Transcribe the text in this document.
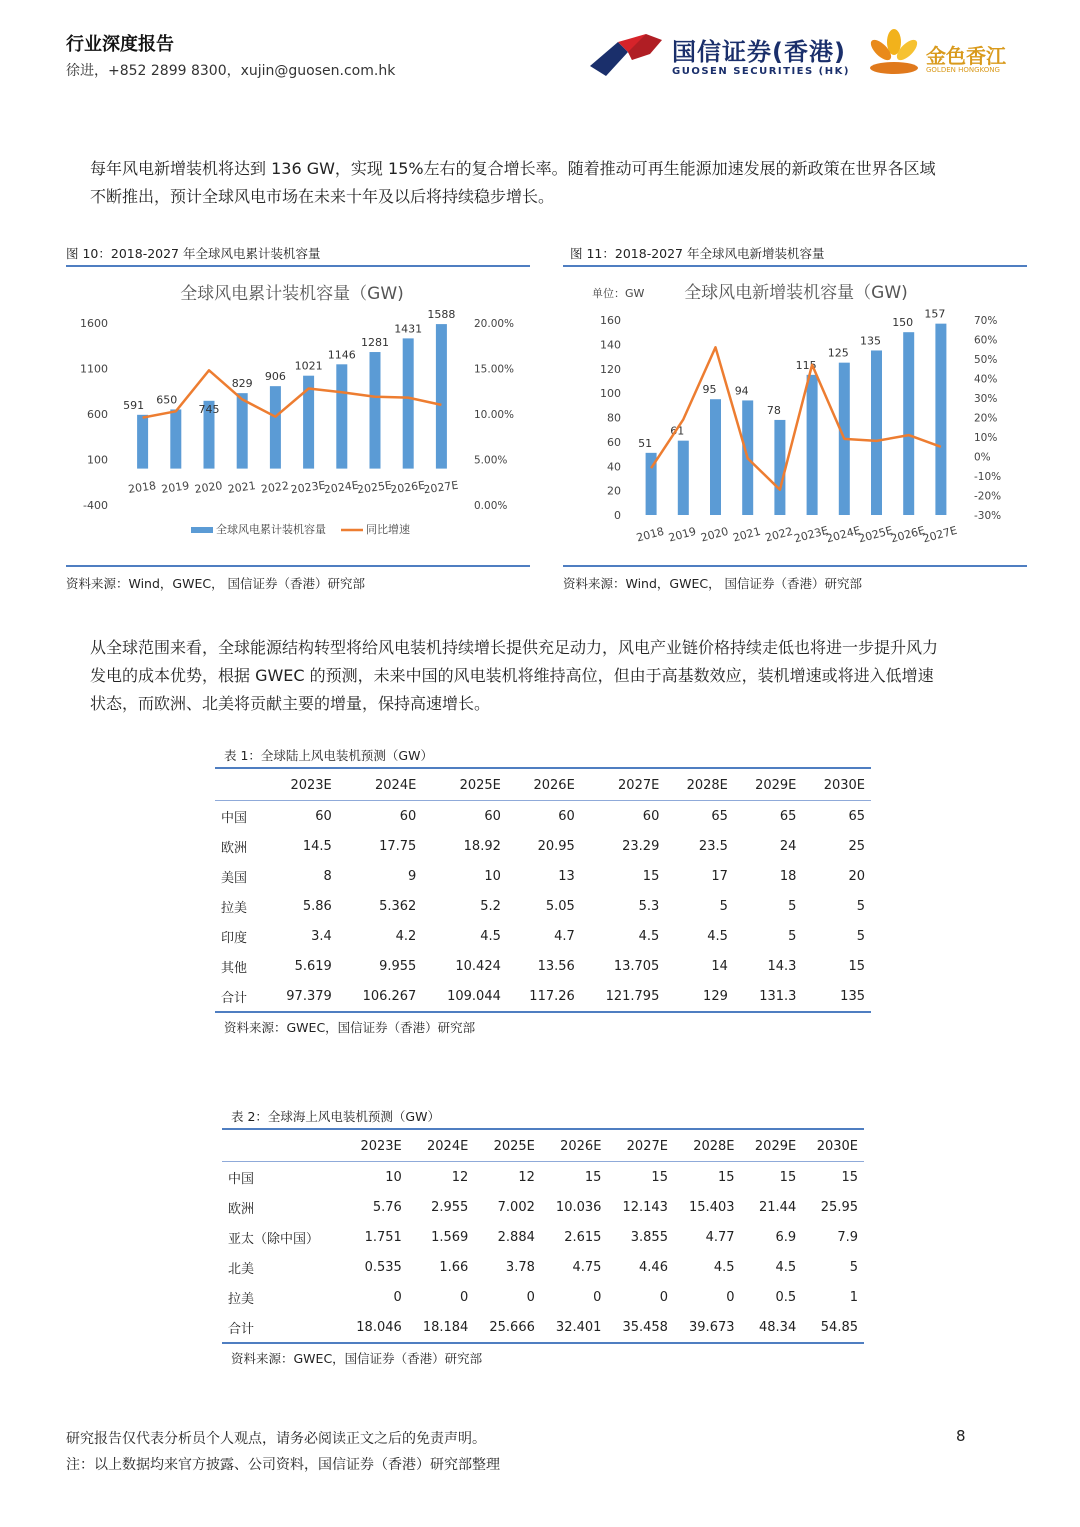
行业深度报告
徐进，+852 2899 8300，xujin@guosen.com.hk
国信证券(香港)
GUOSEN SECURITIES (HK)
金色香江
GOLDEN HONGKONG
每年风电新增装机将达到 136 GW，实现 15%左右的复合增长率。随着推动可再生能源加速发展的新政策在世界各区域不断推出，预计全球风电市场在未来十年及以后将持续稳步增长。
图 10：2018-2027 年全球风电累计装机容量
全球风电累计装机容量（GW)
1600
1100
600
100
-400
20.00%
15.00%
10.00%
5.00%
0.00%
591 650
745
829
906
1021
1146
1281
1431
1588
2018 2019 2020 2021 2022 2023E
2024E
2025E
2026E
2027E
全球风电累计装机容量	同比增速
资料来源：Wind，GWEC， 国信证券（香港）研究部
图 11：2018-2027 年全球风电新增装机容量
全球风电新增装机容量（GW)
单位：GW
160
140
120
100
80
60
40
20
0
70%
60%
50%
40%
30%
20%
10%
0%
-10%
-20%
-30%
51
61
95 94
78
115
125
135
150
157
2018 2019 2020 2021 2022
2023E
2024E
2025E
2026E
2027E
资料来源：Wind，GWEC， 国信证券（香港）研究部
从全球范围来看，全球能源结构转型将给风电装机持续增长提供充足动力，风电产业链价格持续走低也将进一步提升风力发电的成本优势，根据 GWEC 的预测，未来中国的风电装机将维持高位，但由于高基数效应，装机增速或将进入低增速状态，而欧洲、北美将贡献主要的增量，保持高速增长。
表 1：全球陆上风电装机预测（GW）
	2023E	2024E	2025E	2026E	2027E	2028E	2029E	2030E
中国	60	60	60	60	60	65	65	65
欧洲	14.5	17.75	18.92	20.95	23.29	23.5	24	25
美国	8	9	10	13	15	17	18	20
拉美	5.86	5.362	5.2	5.05	5.3	5	5	5
印度	3.4	4.2	4.5	4.7	4.5	4.5	5	5
其他	5.619	9.955	10.424	13.56	13.705	14	14.3	15
合计	97.379	106.267	109.044	117.26	121.795	129	131.3	135
资料来源：GWEC，国信证券（香港）研究部
表 2：全球海上风电装机预测（GW）
	2023E	2024E	2025E	2026E	2027E	2028E	2029E	2030E
中国	10	12	12	15	15	15	15	15
欧洲	5.76	2.955	7.002	10.036	12.143	15.403	21.44	25.95
亚太（除中国）	1.751	1.569	2.884	2.615	3.855	4.77	6.9	7.9
北美	0.535	1.66	3.78	4.75	4.46	4.5	4.5	5
拉美	0	0	0	0	0	0	0.5	1
合计	18.046	18.184	25.666	32.401	35.458	39.673	48.34	54.85
资料来源：GWEC，国信证券（香港）研究部
研究报告仅代表分析员个人观点，请务必阅读正文之后的免责声明。
注：以上数据均来官方披露、公司资料，国信证券（香港）研究部整理
8
